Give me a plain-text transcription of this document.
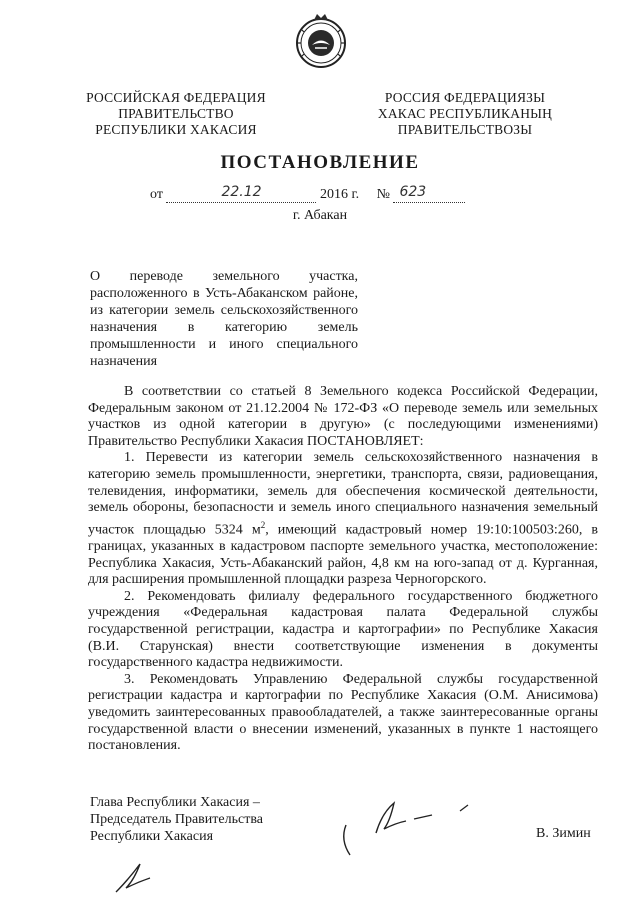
РОССИЙСКАЯ ФЕДЕРАЦИЯ
ПРАВИТЕЛЬСТВО
РЕСПУБЛИКИ ХАКАСИЯ
РОССИЯ ФЕДЕРАЦИЯЗЫ
ХАКАС РЕСПУБЛИКАНЫҢ
ПРАВИТЕЛЬСТВОЗЫ
ПОСТАНОВЛЕНИЕ
от	22.12	2016 г. № 623
г. Абакан
О переводе земельного участка, расположенного в Усть-Абаканском районе, из категории земель сельскохозяйственного назначения в категорию земель промышленности и иного специального назначения

В соответствии со статьей 8 Земельного кодекса Российской Федерации, Федеральным законом от 21.12.2004 № 172-ФЗ «О переводе земель или земельных участков из одной категории в другую» (с последующими изменениями) Правительство Республики Хакасия ПОСТАНОВЛЯЕТ:

1. Перевести из категории земель сельскохозяйственного назначения в категорию земель промышленности, энергетики, транспорта, связи, радиовещания, телевидения, информатики, земель для обеспечения космической деятельности, земель обороны, безопасности и земель иного специального назначения земельный участок площадью 5324 $м^2$, имеющий кадастровый номер 19:10:100503:260, в границах, указанных в кадастровом паспорте земельного участка, местоположение: Республика Хакасия, Усть-Абаканский район, 4,8 км на юго-запад от д. Курганная, для расширения промышленной площадки разреза Черногорского.

2. Рекомендовать филиалу федерального государственного бюджетного учреждения «Федеральная кадастровая палата Федеральной службы государственной регистрации, кадастра и картографии» по Республике Хакасия (В.И. Старунская) внести соответствующие изменения в документы государственного кадастра недвижимости.

3. Рекомендовать Управлению Федеральной службы государственной регистрации кадастра и картографии по Республике Хакасия (О.М. Анисимова) уведомить заинтересованных правообладателей, а также заинтересованные органы государственной власти о внесении изменений, указанных в пункте 1 настоящего постановления.

Глава Республики Хакасия –
Председатель Правительства
Республики Хакасия	В. Зимин
